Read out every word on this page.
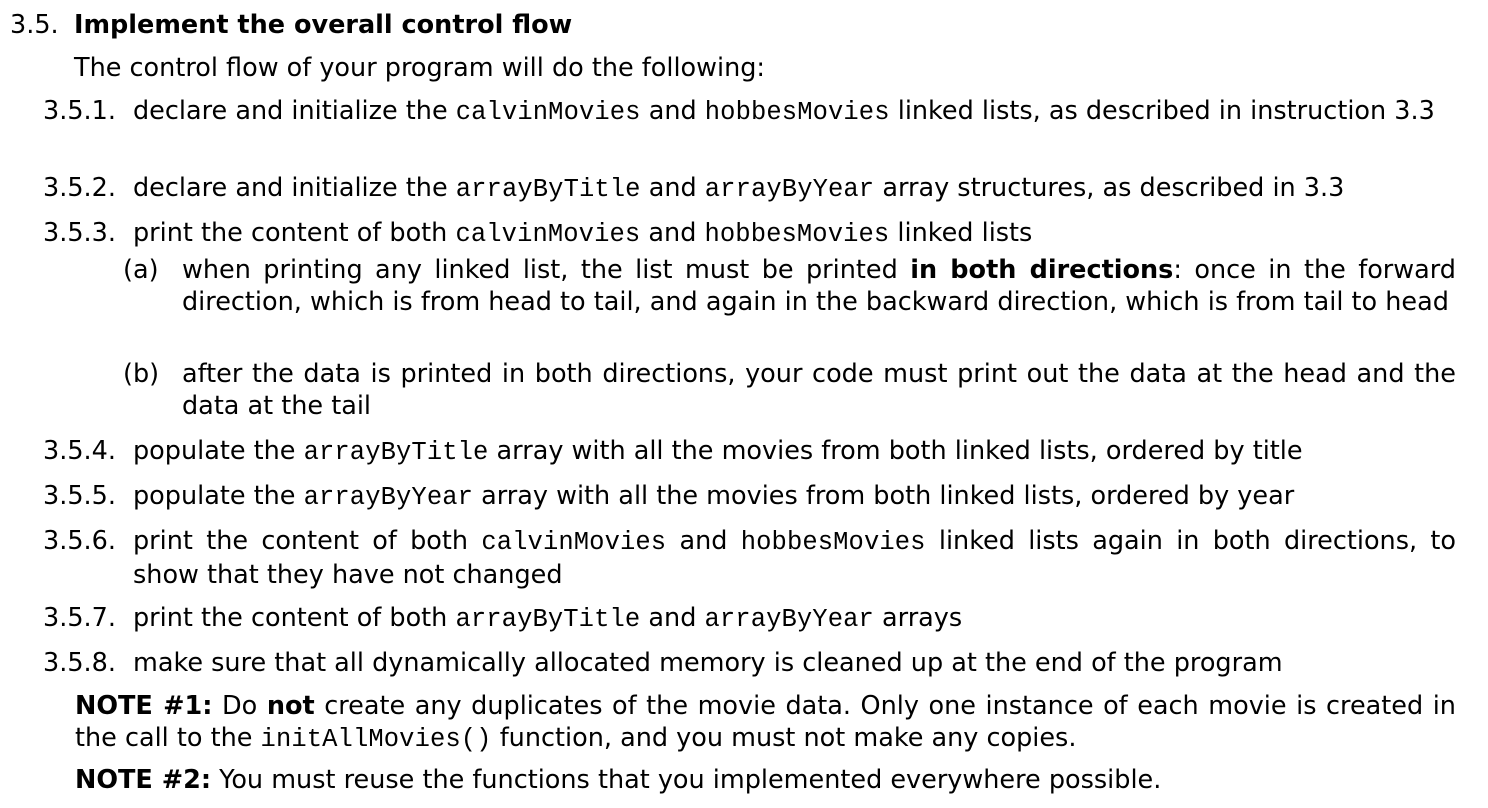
3.5. Implement the overall control flow
The control flow of your program will do the following:
3.5.1. declare and initialize the calvinMovies and hobbesMovies linked lists, as described in instruction 3.3
3.5.2. declare and initialize the arrayByTitle and arrayByYear array structures, as described in 3.3
3.5.3. print the content of both calvinMovies and hobbesMovies linked lists
(a) when printing any linked list, the list must be printed in both directions: once in the forward direction, which is from head to tail, and again in the backward direction, which is from tail to head
(b) after the data is printed in both directions, your code must print out the data at the head and the data at the tail
3.5.4. populate the arrayByTitle array with all the movies from both linked lists, ordered by title
3.5.5. populate the arrayByYear array with all the movies from both linked lists, ordered by year
3.5.6. print the content of both calvinMovies and hobbesMovies linked lists again in both directions, to show that they have not changed
3.5.7. print the content of both arrayByTitle and arrayByYear arrays
3.5.8. make sure that all dynamically allocated memory is cleaned up at the end of the program
NOTE #1: Do not create any duplicates of the movie data. Only one instance of each movie is created in the call to the initAllMovies() function, and you must not make any copies.
NOTE #2: You must reuse the functions that you implemented everywhere possible.
